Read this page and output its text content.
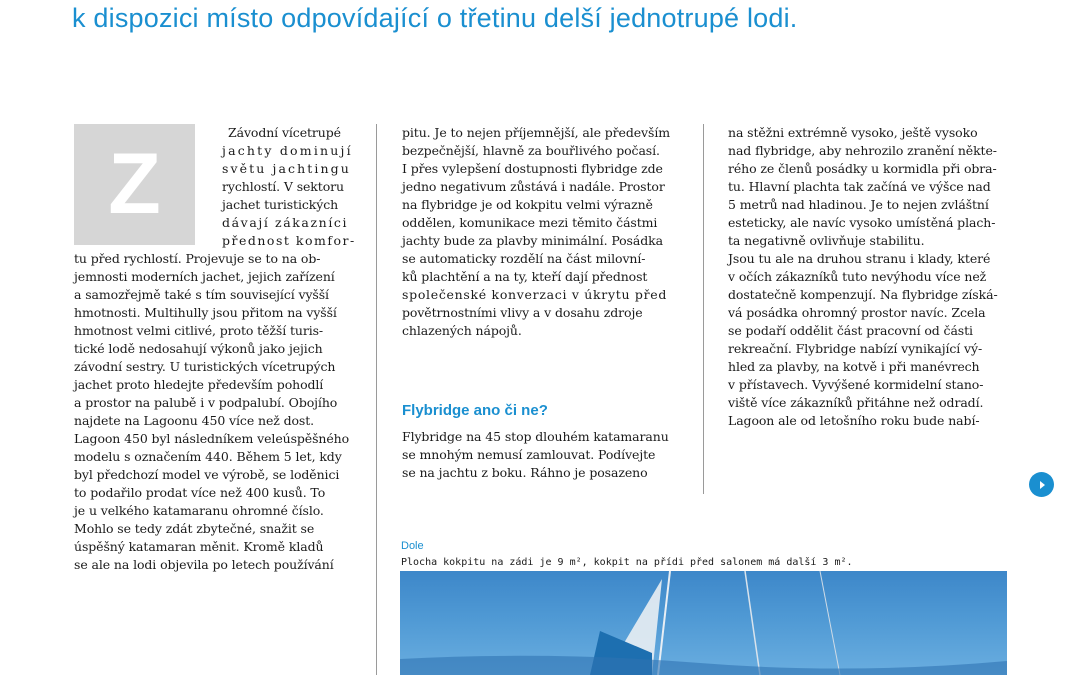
k dispozici místo odpovídající o třetinu delší jednotrupé lodi.
Z
Závodní vícetrupé
jachty dominují
světu jachtingu
rychlostí. V sektoru
jachet turistických
dávají zákazníci
přednost komfor-
tu před rychlostí. Projevuje se to na ob-
jemnosti moderních jachet, jejich zařízení
a samozřejmě také s tím související vyšší
hmotnosti. Multihully jsou přitom na vyšší
hmotnost velmi citlivé, proto těžší turis-
tické lodě nedosahují výkonů jako jejich
závodní sestry. U turistických vícetrupých
jachet proto hledejte především pohodlí
a prostor na palubě i v podpalubí. Obojího
najdete na Lagoonu 450 více než dost.
Lagoon 450 byl následníkem veleúspěšného
modelu s označením 440. Během 5 let, kdy
byl předchozí model ve výrobě, se loděnici
to podařilo prodat více než 400 kusů. To
je u velkého katamaranu ohromné číslo.
Mohlo se tedy zdát zbytečné, snažit se
úspěšný katamaran měnit. Kromě kladů
se ale na lodi objevila po letech používání
pitu. Je to nejen příjemnější, ale především
bezpečnější, hlavně za bouřlivého počasí.
I přes vylepšení dostupnosti flybridge zde
jedno negativum zůstává i nadále. Prostor
na flybridge je od kokpitu velmi výrazně
oddělen, komunikace mezi těmito částmi
jachty bude za plavby minimální. Posádka
se automaticky rozdělí na část milovní-
ků plachtění a na ty, kteří dají přednost
společenské konverzaci v úkrytu před
povětrnostními vlivy a v dosahu zdroje
chlazených nápojů.
Flybridge ano či ne?
Flybridge na 45 stop dlouhém katamaranu
se mnohým nemusí zamlouvat. Podívejte
se na jachtu z boku. Ráhno je posazeno
na stěžni extrémně vysoko, ještě vysoko
nad flybridge, aby nehrozilo zranění někte-
rého ze členů posádky u kormidla při obra-
tu. Hlavní plachta tak začíná ve výšce nad
5 metrů nad hladinou. Je to nejen zvláštní
esteticky, ale navíc vysoko umístěná plach-
ta negativně ovlivňuje stabilitu.
Jsou tu ale na druhou stranu i klady, které
v očích zákazníků tuto nevýhodu více než
dostatečně kompenzují. Na flybridge získá-
vá posádka ohromný prostor navíc. Zcela
se podaří oddělit část pracovní od části
rekreační. Flybridge nabízí vynikající vý-
hled za plavby, na kotvě i při manévrech
v přístavech. Vyvýšené kormidelní stano-
viště více zákazníků přitáhne než odradí.
Lagoon ale od letošního roku bude nabí-
Dole
Plocha kokpitu na zádi je 9 m², kokpit na přídi před salonem má další 3 m².
